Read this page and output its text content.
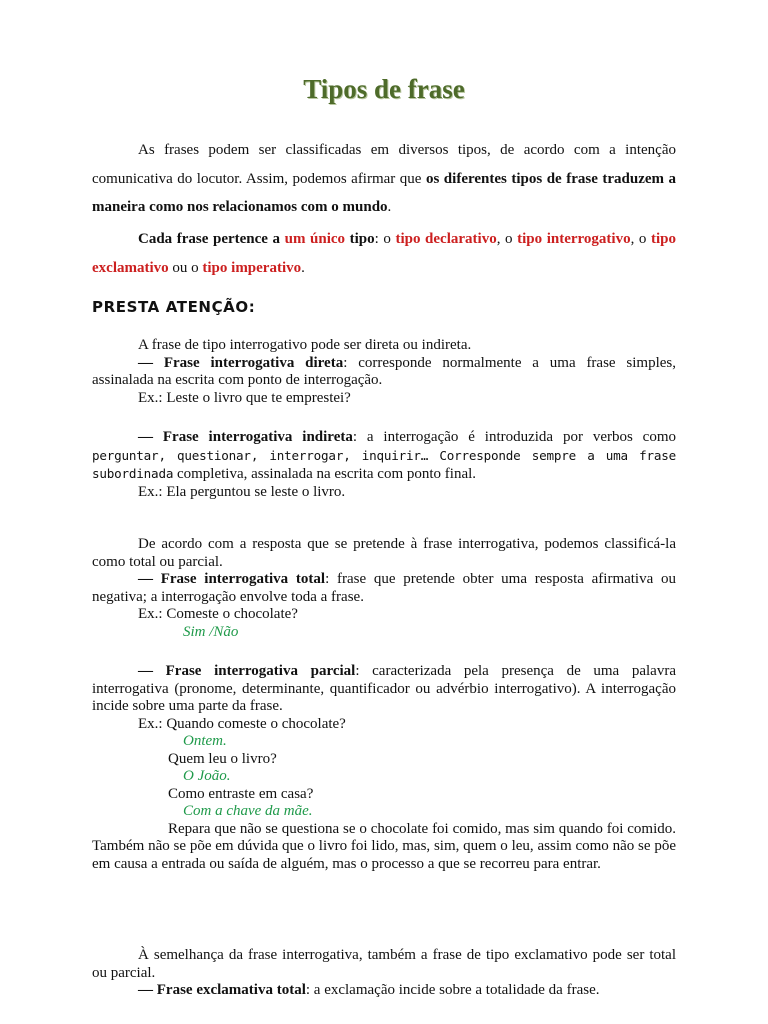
Tipos de frase

As frases podem ser classificadas em diversos tipos, de acordo com a intenção comunicativa do locutor. Assim, podemos afirmar que os diferentes tipos de frase traduzem a maneira como nos relacionamos com o mundo.

Cada frase pertence a um único tipo: o tipo declarativo, o tipo interrogativo, o tipo exclamativo ou o tipo imperativo.

PRESTA ATENÇÃO:
A frase de tipo interrogativo pode ser direta ou indireta.

— Frase interrogativa direta: corresponde normalmente a uma frase simples, assinalada na escrita com ponto de interrogação.

Ex.: Leste o livro que te emprestei?

— Frase interrogativa indireta: a interrogação é introduzida por verbos como perguntar, questionar, interrogar, inquirir… Corresponde sempre a uma frase subordinada completiva, assinalada na escrita com ponto final.

Ex.: Ela perguntou se leste o livro.

De acordo com a resposta que se pretende à frase interrogativa, podemos classificá-la como total ou parcial.

— Frase interrogativa total: frase que pretende obter uma resposta afirmativa ou negativa; a interrogação envolve toda a frase.

Ex.: Comeste o chocolate?
Sim /Não

— Frase interrogativa parcial: caracterizada pela presença de uma palavra interrogativa (pronome, determinante, quantificador ou advérbio interrogativo). A interrogação incide sobre uma parte da frase.

Ex.: Quando comeste o chocolate?
Ontem.
Quem leu o livro?
O João.
Como entraste em casa?
Com a chave da mãe.

Repara que não se questiona se o chocolate foi comido, mas sim quando foi comido. Também não se põe em dúvida que o livro foi lido, mas, sim, quem o leu, assim como não se põe em causa a entrada ou saída de alguém, mas o processo a que se recorreu para entrar.

À semelhança da frase interrogativa, também a frase de tipo exclamativo pode ser total ou parcial.

— Frase exclamativa total: a exclamação incide sobre a totalidade da frase.
